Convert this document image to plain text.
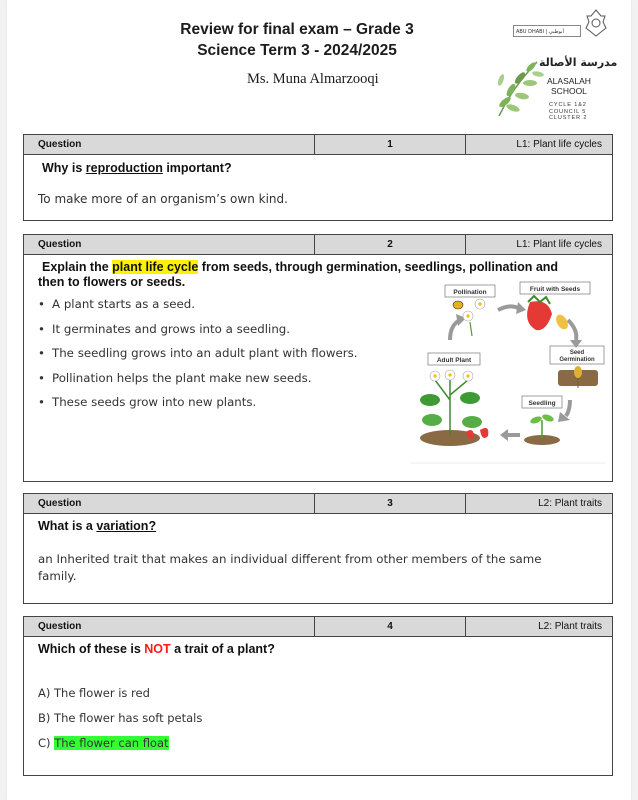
Review for final exam – Grade 3
Science Term 3 - 2024/2025
Ms. Muna Almarzooqi
ABU DHABI | أبوظبي
مدرسة الأصالة
ALASALAH
SCHOOL
CYCLE 1&2
COUNCIL 5
CLUSTER 2
Question	1	L1: Plant life cycles
Why is reproduction important?
To make more of an organism’s own kind.
Question	2	L1: Plant life cycles
Explain the plant life cycle from seeds, through germination, seedlings, pollination and
then to flowers or seeds.
• A plant starts as a seed.
• It germinates and grows into a seedling.
• The seedling grows into an adult plant with flowers.
• Pollination helps the plant make new seeds.
• These seeds grow into new plants.
Pollination	Fruit with Seeds
Adult Plant
Seed
Germination
Seedling
Question	3	L2: Plant traits
What is a variation?
an Inherited trait that makes an individual different from other members of the same
family.
Question	4	L2: Plant traits
Which of these is NOT a trait of a plant?
A) The flower is red
B) The flower has soft petals
C) The flower can float
